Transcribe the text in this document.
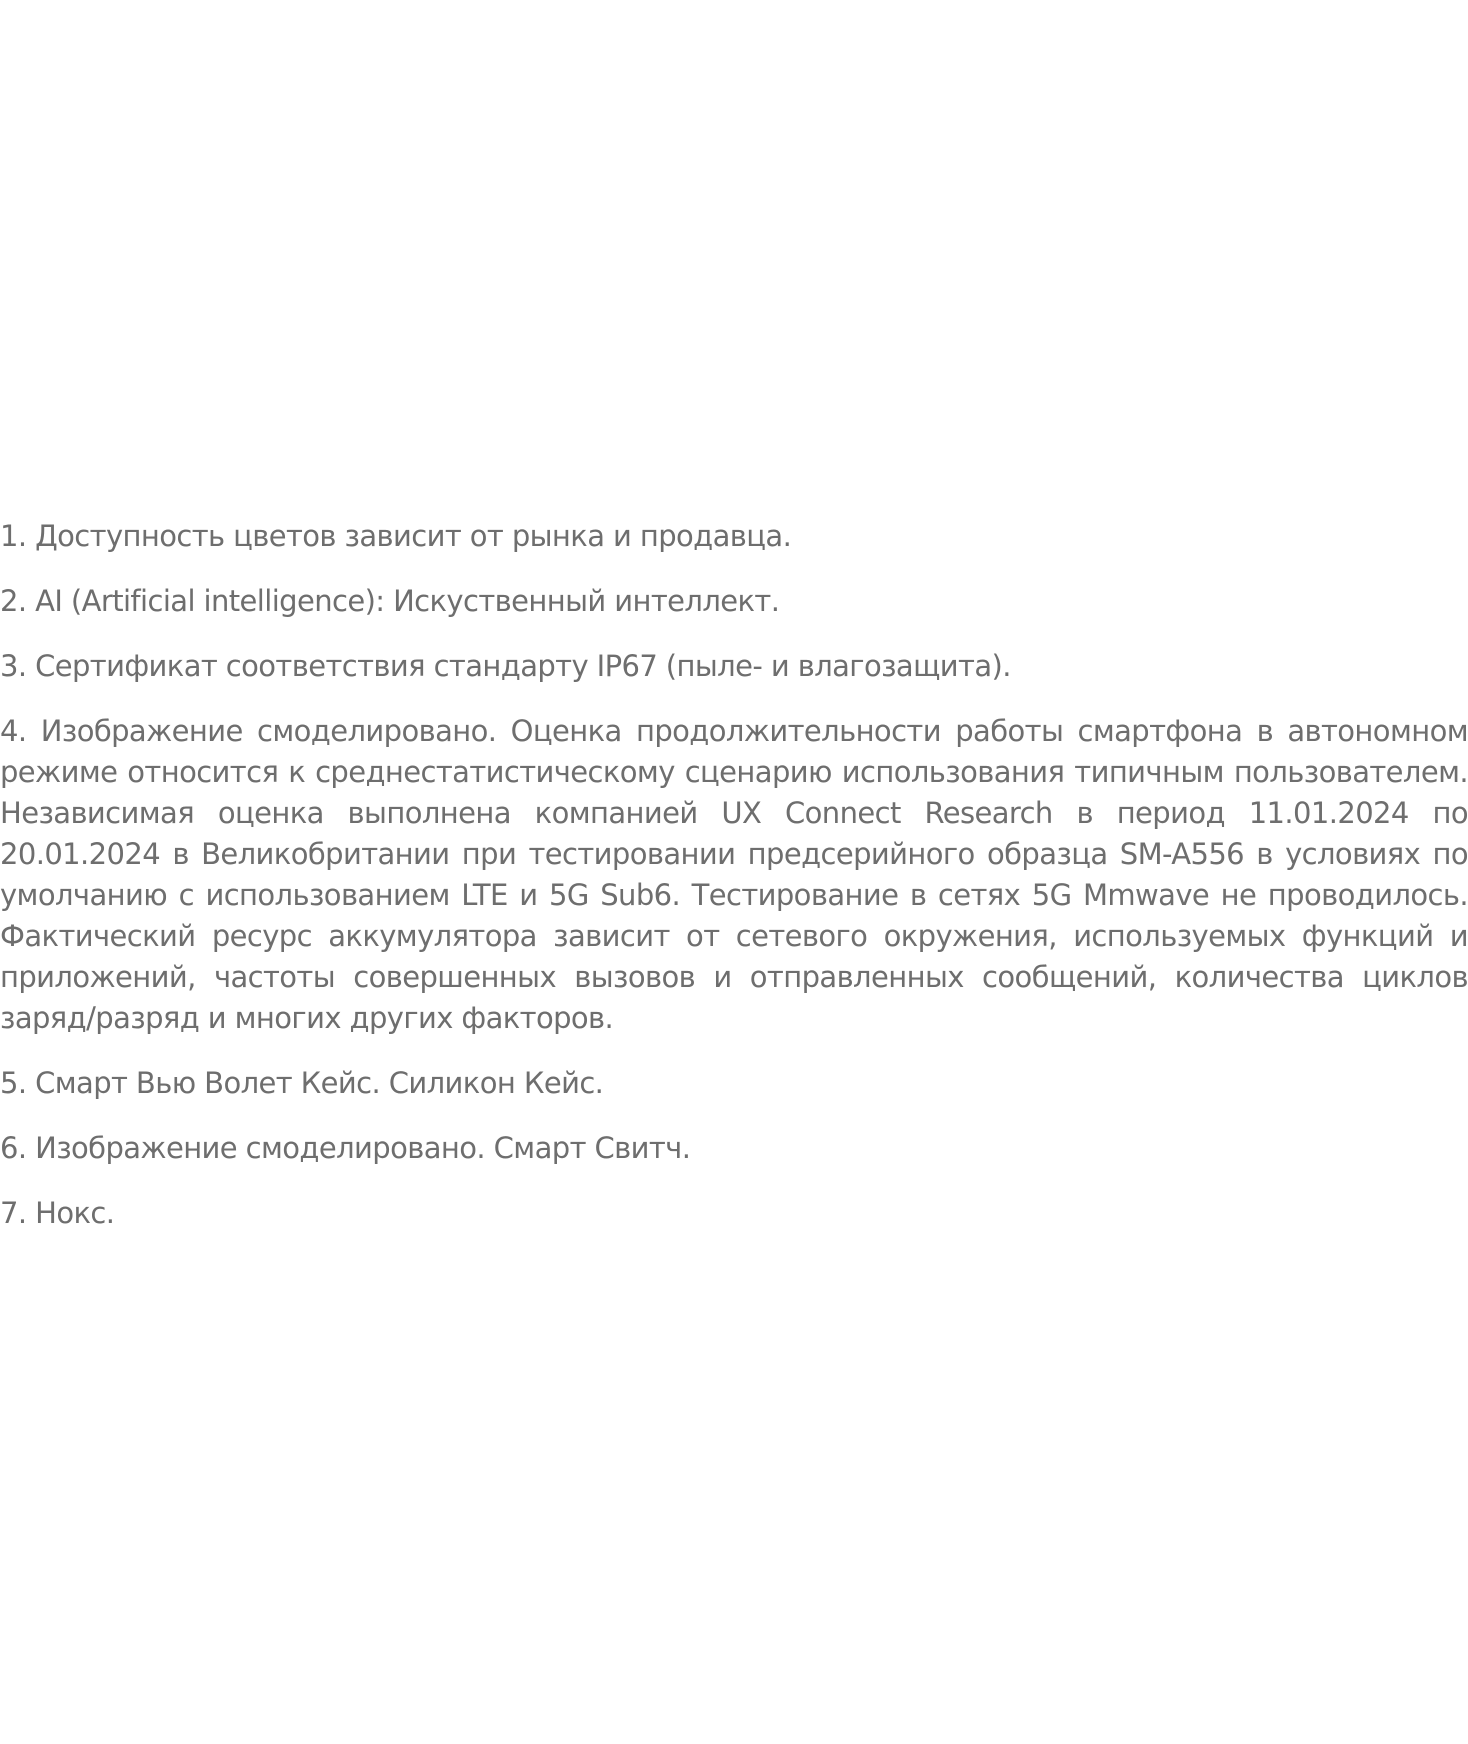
1. Доступность цветов зависит от рынка и продавца.

2. AI (Artificial intelligence): Искуственный интеллект.

3. Сертификат соответствия стандарту IP67 (пыле- и влагозащита).

4. Изображение смоделировано. Оценка продолжительности работы смартфона в автономном режиме относится к среднестатистическому сценарию использования типичным пользователем. Независимая оценка выполнена компанией UX Connect Research в период 11.01.2024 по 20.01.2024 в Великобритании при тестировании предсерийного образца SM-A556 в условиях по умолчанию с использованием LTE и 5G Sub6. Тестирование в сетях 5G Mmwave не проводилось. Фактический ресурс аккумулятора зависит от сетевого окружения, используемых функций и приложений, частоты совершенных вызовов и отправленных сообщений, количества циклов заряд/разряд и многих других факторов.

5. Смарт Вью Волет Кейс. Силикон Кейс.

6. Изображение смоделировано. Смарт Свитч.

7. Нокс.
